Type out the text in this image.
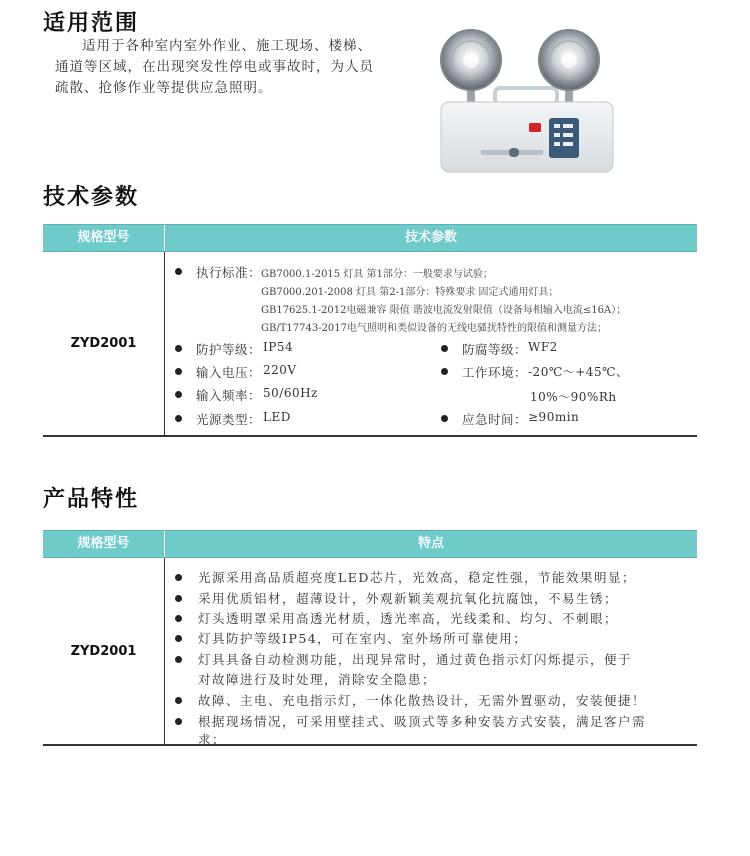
适用范围

适用于各种室内室外作业、施工现场、楼梯、通道等区域，在出现突发性停电或事故时，为人员疏散、抢修作业等提供应急照明。

技术参数
规格型号	技术参数
ZYD2001
执行标准： GB7000.1-2015 灯具 第1部分：一般要求与试验；
GB7000.201-2008 灯具 第2-1部分：特殊要求 固定式通用灯具；
GB17625.1-2012电磁兼容 限值 谐波电流发射限值（设备每相输入电流≤16A）；
GB/T17743-2017电气照明和类似设备的无线电骚扰特性的限值和测量方法；
防护等级： IP54
输入电压： 220V
输入频率： 50/60Hz
光源类型： LED
防腐等级： WF2
工作环境： -20℃～+45℃、
10%～90%Rh
应急时间： ≥90min
产品特性
规格型号	特点
ZYD2001
光源采用高品质超亮度LED芯片，光效高，稳定性强，节能效果明显；
采用优质铝材，超薄设计，外观新颖美观抗氧化抗腐蚀，不易生锈；
灯头透明罩采用高透光材质，透光率高，光线柔和、均匀、不刺眼；
灯具防护等级IP54，可在室内、室外场所可靠使用；
灯具具备自动检测功能，出现异常时，通过黄色指示灯闪烁提示，便于
对故障进行及时处理，消除安全隐患；
故障、主电、充电指示灯，一体化散热设计，无需外置驱动，安装便捷！
根据现场情况，可采用壁挂式、吸顶式等多种安装方式安装，满足客户需
求；
